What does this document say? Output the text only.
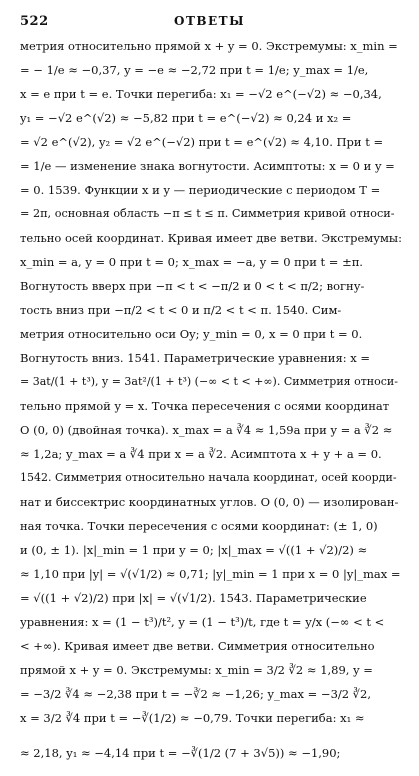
522	ОТВЕТЫ
метрия относительно прямой x + y = 0. Экстремумы: x_min =
= − 1/e ≈ −0,37, y = −e ≈ −2,72 при t = 1/e; y_max = 1/e,
x = e при t = e. Точки перегиба: x₁ = −√2 e^(−√2) ≈ −0,34,
y₁ = −√2 e^(√2) ≈ −5,82 при t = e^(−√2) ≈ 0,24 и x₂ =
= √2 e^(√2), y₂ = √2 e^(−√2) при t = e^(√2) ≈ 4,10. При t =
= 1/e — изменение знака вогнутости. Асимптоты: x = 0 и y =
= 0. 1539. Функции x и y — периодические с периодом T =
= 2π, основная область −π ≤ t ≤ π. Симметрия кривой относи-
тельно осей координат. Кривая имеет две ветви. Экстремумы:
x_min = a, y = 0 при t = 0; x_max = −a, y = 0 при t = ±π.
Вогнутость вверх при −π < t < −π/2 и 0 < t < π/2; вогну-
тость вниз при −π/2 < t < 0 и π/2 < t < π. 1540. Сим-
метрия относительно оси Oy; y_min = 0, x = 0 при t = 0.
Вогнутость вниз. 1541. Параметрические уравнения: x =
= 3at/(1 + t³), y = 3at²/(1 + t³) (−∞ < t < +∞). Симметрия относи-
тельно прямой y = x. Точка пересечения с осями координат
O (0, 0) (двойная точка). x_max = a ∛4 ≈ 1,59a при y = a ∛2 ≈
≈ 1,2a; y_max = a ∛4 при x = a ∛2. Асимптота x + y + a = 0.
1542. Симметрия относительно начала координат, осей коорди-
нат и биссектрис координатных углов. O (0, 0) — изолирован-
ная точка. Точки пересечения с осями координат: (± 1, 0)
и (0, ± 1). |x|_min = 1 при y = 0; |x|_max = √((1 + √2)/2) ≈
≈ 1,10 при |y| = √(√1/2) ≈ 0,71; |y|_min = 1 при x = 0 |y|_max =
= √((1 + √2)/2) при |x| = √(√1/2). 1543. Параметрические
уравнения: x = (1 − t³)/t², y = (1 − t³)/t, где t = y/x (−∞ < t <
< +∞). Кривая имеет две ветви. Симметрия относительно
прямой x + y = 0. Экстремумы: x_min = 3/2 ∛2 ≈ 1,89, y =
= −3/2 ∛4 ≈ −2,38 при t = −∛2 ≈ −1,26; y_max = −3/2 ∛2,
x = 3/2 ∛4 при t = −∛(1/2) ≈ −0,79. Точки перегиба: x₁ ≈
≈ 2,18, y₁ ≈ −4,14 при t = −∛(1/2 (7 + 3√5)) ≈ −1,90;
